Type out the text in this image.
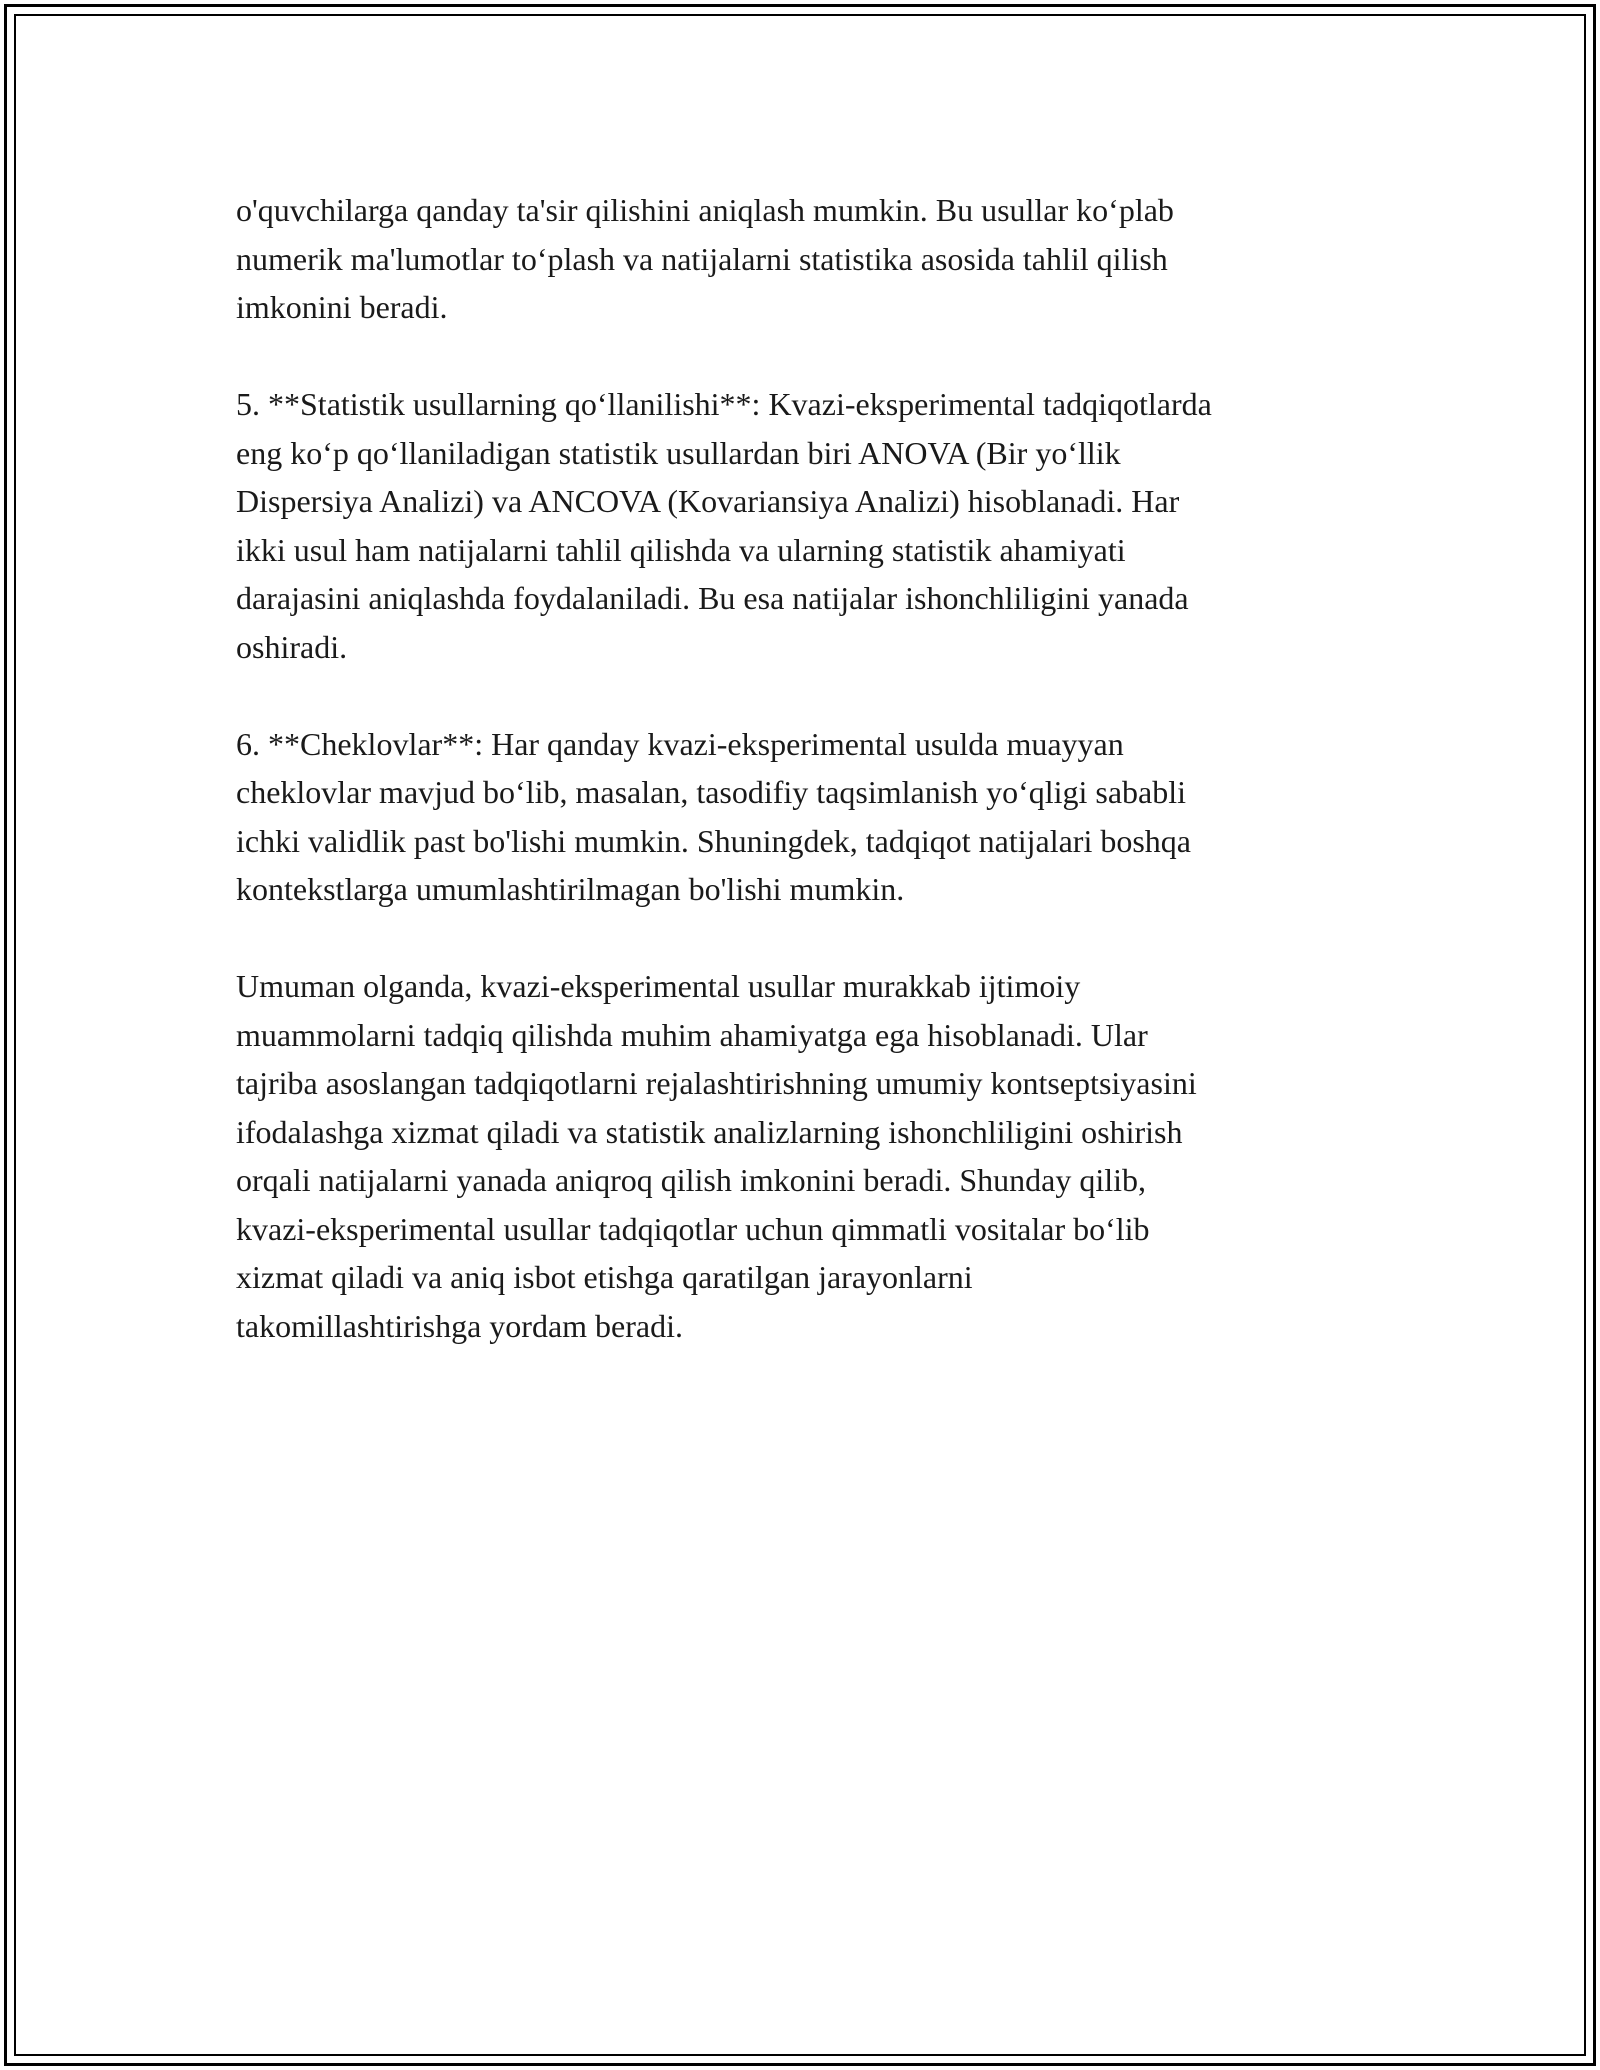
o'quvchilarga qanday ta'sir qilishini aniqlash mumkin. Bu usullar ko‘plab
numerik ma'lumotlar to‘plash va natijalarni statistika asosida tahlil qilish
imkonini beradi.

5. **Statistik usullarning qo‘llanilishi**: Kvazi-eksperimental tadqiqotlarda
eng ko‘p qo‘llaniladigan statistik usullardan biri ANOVA (Bir yo‘llik
Dispersiya Analizi) va ANCOVA (Kovariansiya Analizi) hisoblanadi. Har
ikki usul ham natijalarni tahlil qilishda va ularning statistik ahamiyati
darajasini aniqlashda foydalaniladi. Bu esa natijalar ishonchliligini yanada
oshiradi.

6. **Cheklovlar**: Har qanday kvazi-eksperimental usulda muayyan
cheklovlar mavjud bo‘lib, masalan, tasodifiy taqsimlanish yo‘qligi sababli
ichki validlik past bo'lishi mumkin. Shuningdek, tadqiqot natijalari boshqa
kontekstlarga umumlashtirilmagan bo'lishi mumkin.

Umuman olganda, kvazi-eksperimental usullar murakkab ijtimoiy
muammolarni tadqiq qilishda muhim ahamiyatga ega hisoblanadi. Ular
tajriba asoslangan tadqiqotlarni rejalashtirishning umumiy kontseptsiyasini
ifodalashga xizmat qiladi va statistik analizlarning ishonchliligini oshirish
orqali natijalarni yanada aniqroq qilish imkonini beradi. Shunday qilib,
kvazi-eksperimental usullar tadqiqotlar uchun qimmatli vositalar bo‘lib
xizmat qiladi va aniq isbot etishga qaratilgan jarayonlarni
takomillashtirishga yordam beradi.
